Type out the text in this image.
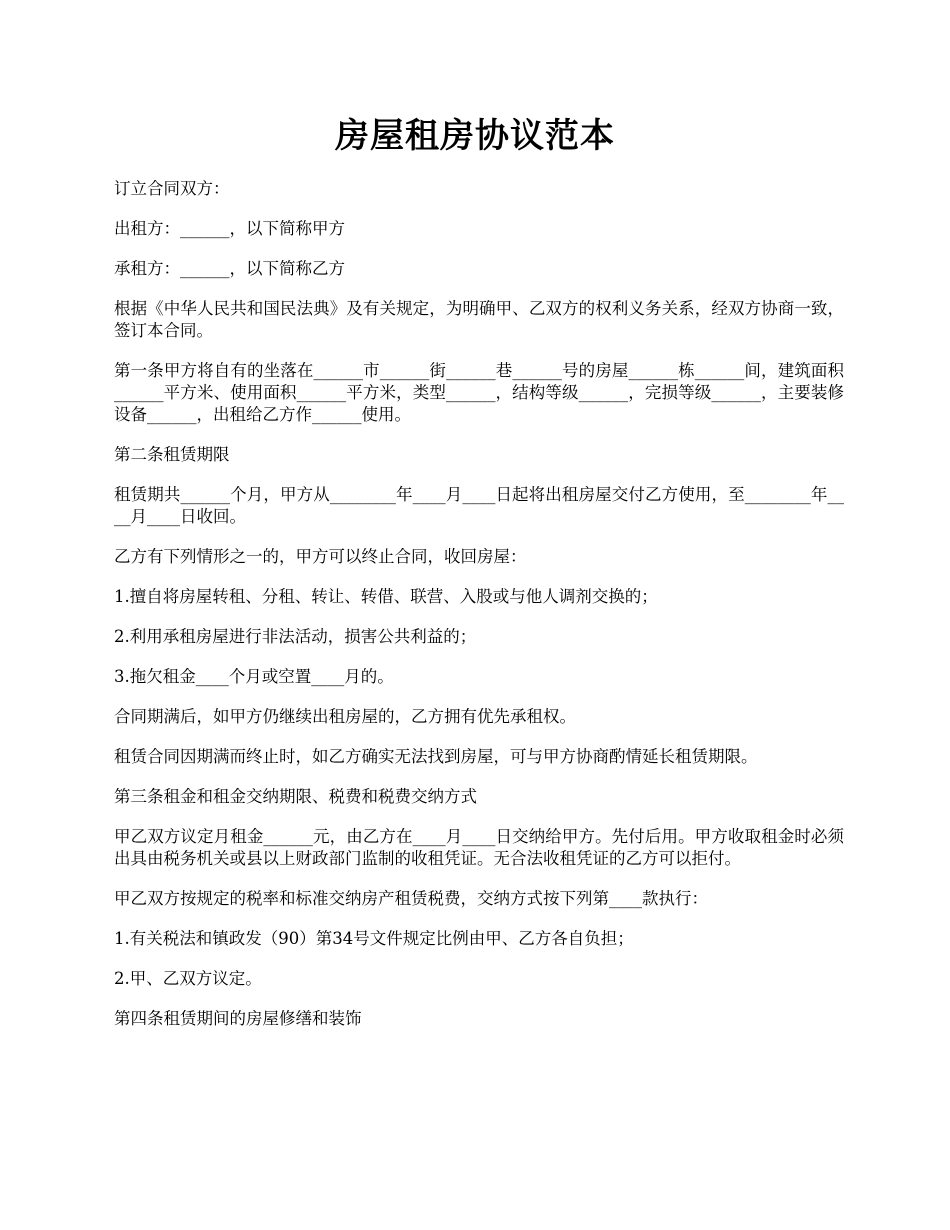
房屋租房协议范本

订立合同双方：

出租方：______，以下简称甲方

承租方：______，以下简称乙方

根据《中华人民共和国民法典》及有关规定，为明确甲、乙双方的权利义务关系，经双方协商一致，签订本合同。

第一条甲方将自有的坐落在______市______街______巷______号的房屋______栋______间，建筑面积______平方米、使用面积______平方米，类型______，结构等级______，完损等级______，主要装修设备______，出租给乙方作______使用。

第二条租赁期限

租赁期共______个月，甲方从________年____月____日起将出租房屋交付乙方使用，至________年____月____日收回。

乙方有下列情形之一的，甲方可以终止合同，收回房屋：

1.擅自将房屋转租、分租、转让、转借、联营、入股或与他人调剂交换的；

2.利用承租房屋进行非法活动，损害公共利益的；

3.拖欠租金____个月或空置____月的。

合同期满后，如甲方仍继续出租房屋的，乙方拥有优先承租权。

租赁合同因期满而终止时，如乙方确实无法找到房屋，可与甲方协商酌情延长租赁期限。

第三条租金和租金交纳期限、税费和税费交纳方式

甲乙双方议定月租金______元，由乙方在____月____日交纳给甲方。先付后用。甲方收取租金时必须出具由税务机关或县以上财政部门监制的收租凭证。无合法收租凭证的乙方可以拒付。

甲乙双方按规定的税率和标准交纳房产租赁税费，交纳方式按下列第____款执行：

1.有关税法和镇政发（90）第34号文件规定比例由甲、乙方各自负担；

2.甲、乙双方议定。

第四条租赁期间的房屋修缮和装饰
